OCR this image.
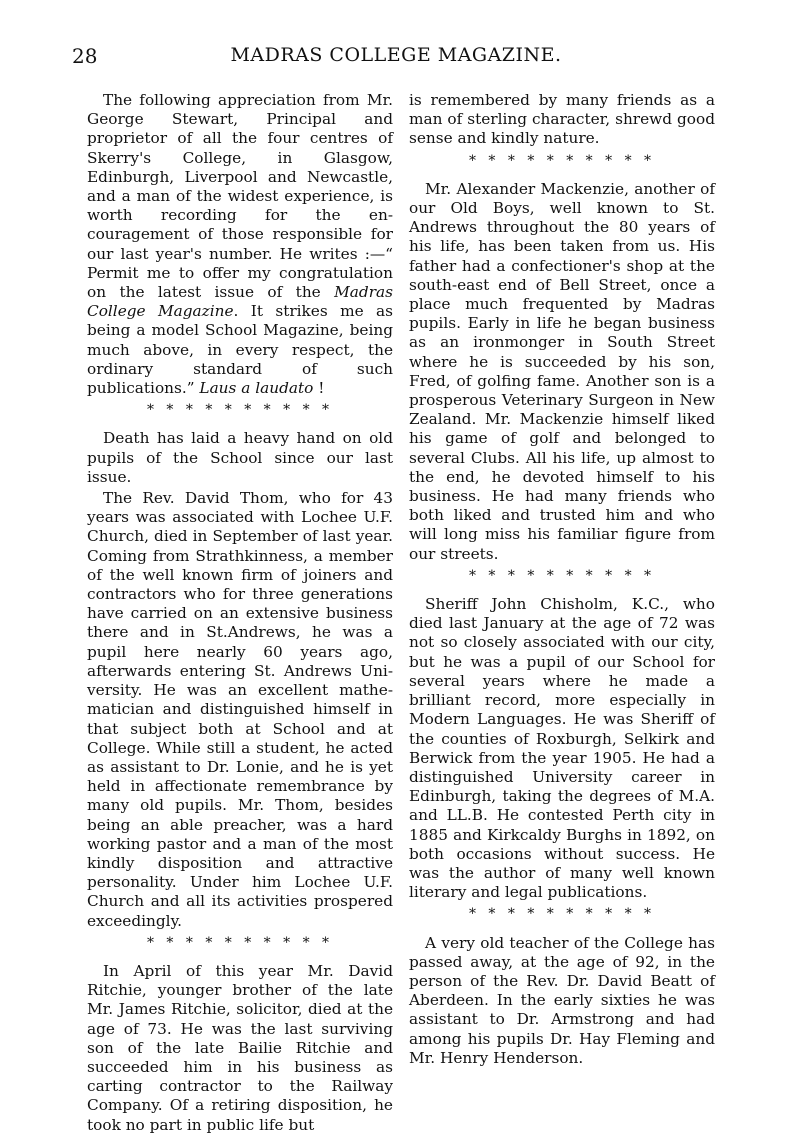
28	MADRAS COLLEGE MAGAZINE.

The following appreciation from Mr. George Stewart, Principal and proprietor of all the four centres of Skerry's College, in Glasgow, Edinburgh, Liverpool and Newcastle, and a man of the widest experience, is worth recording for the encouragement of those responsible for our last year's number. He writes :—“ Permit me to offer my congratulation on the latest issue of the Madras College Magazine. It strikes me as being a model School Magazine, being much above, in every respect, the ordinary standard of such publications.” Laus a laudato !

* * * * * * * * * *

Death has laid a heavy hand on old pupils of the School since our last issue.

The Rev. David Thom, who for 43 years was associated with Lochee U.F. Church, died in September of last year. Coming from Strathkinness, a member of the well known firm of joiners and contractors who for three generations have carried on an extensive business there and in St.Andrews, he was a pupil here nearly 60 years ago, afterwards entering St. Andrews University. He was an excellent mathematician and distinguished himself in that subject both at School and at College. While still a student, he acted as assistant to Dr. Lonie, and he is yet held in affectionate remembrance by many old pupils. Mr. Thom, besides being an able preacher, was a hard working pastor and a man of the most kindly disposition and attractive personality. Under him Lochee U.F. Church and all its activities prospered exceedingly.

* * * * * * * * * *

In April of this year Mr. David Ritchie, younger brother of the late Mr. James Ritchie, solicitor, died at the age of 73. He was the last surviving son of the late Bailie Ritchie and succeeded him in his business as carting contractor to the Railway Company. Of a retiring disposition, he took no part in public life but

is remembered by many friends as a man of sterling character, shrewd good sense and kindly nature.

* * * * * * * * * *

Mr. Alexander Mackenzie, another of our Old Boys, well known to St. Andrews throughout the 80 years of his life, has been taken from us. His father had a confectioner's shop at the south-east end of Bell Street, once a place much frequented by Madras pupils. Early in life he began business as an ironmonger in South Street where he is succeeded by his son, Fred, of golfing fame. Another son is a prosperous Veterinary Surgeon in New Zealand. Mr. Mackenzie himself liked his game of golf and belonged to several Clubs. All his life, up almost to the end, he devoted himself to his business. He had many friends who both liked and trusted him and who will long miss his familiar figure from our streets.

* * * * * * * * * *

Sheriff John Chisholm, K.C., who died last January at the age of 72 was not so closely associated with our city, but he was a pupil of our School for several years where he made a brilliant record, more especially in Modern Languages. He was Sheriff of the counties of Roxburgh, Selkirk and Berwick from the year 1905. He had a distinguished University career in Edinburgh, taking the degrees of M.A. and LL.B. He contested Perth city in 1885 and Kirkcaldy Burghs in 1892, on both occasions without success. He was the author of many well known literary and legal publications.

* * * * * * * * * *

A very old teacher of the College has passed away, at the age of 92, in the person of the Rev. Dr. David Beatt of Aberdeen. In the early sixties he was assistant to Dr. Armstrong and had among his pupils Dr. Hay Fleming and Mr. Henry Henderson.
